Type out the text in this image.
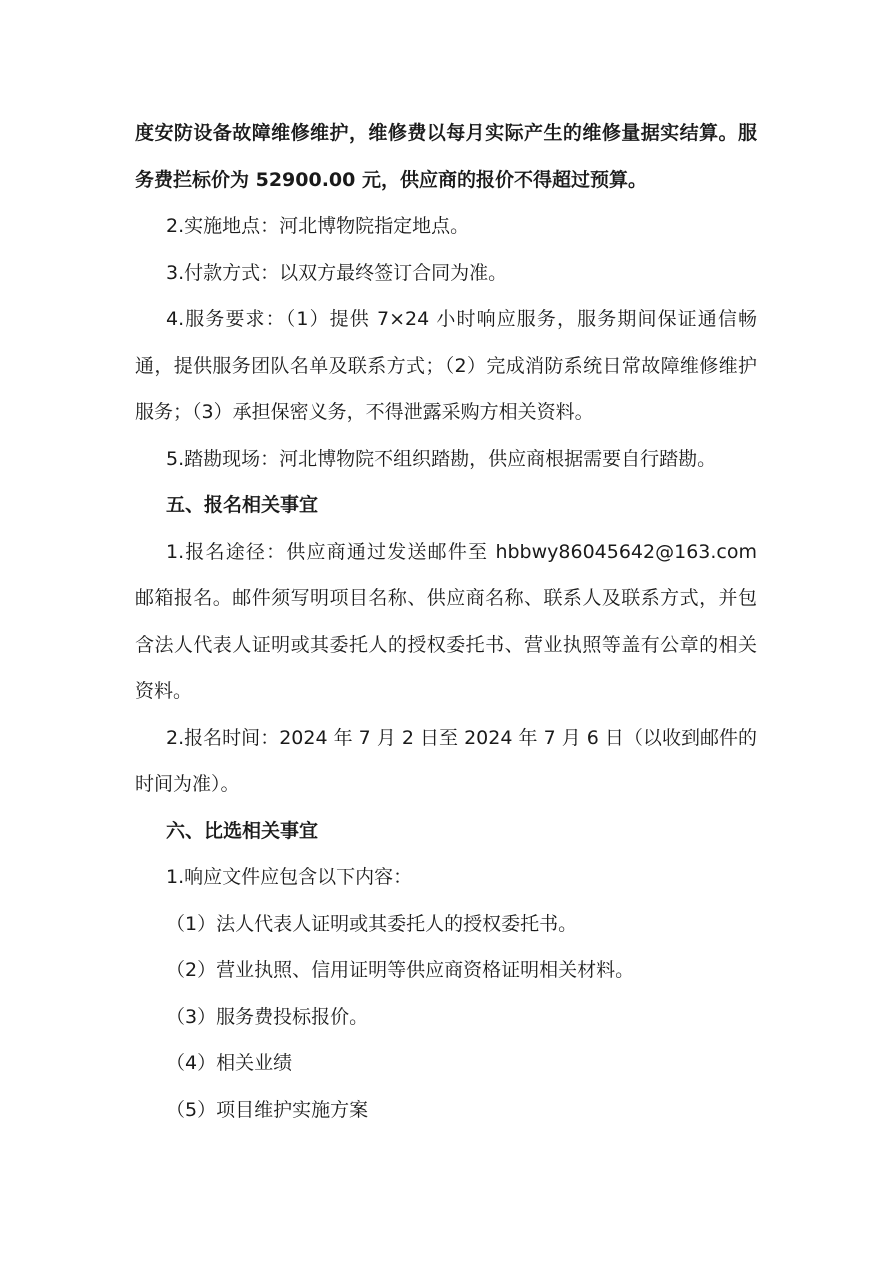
度安防设备故障维修维护，维修费以每月实际产生的维修量据实结算。服务费拦标价为 52900.00 元，供应商的报价不得超过预算。

2.实施地点：河北博物院指定地点。

3.付款方式：以双方最终签订合同为准。

4.服务要求：（1）提供 7×24 小时响应服务，服务期间保证通信畅通，提供服务团队名单及联系方式；（2）完成消防系统日常故障维修维护服务；（3）承担保密义务，不得泄露采购方相关资料。

5.踏勘现场：河北博物院不组织踏勘，供应商根据需要自行踏勘。

五、报名相关事宜

1.报名途径：供应商通过发送邮件至 hbbwy86045642@163.com 邮箱报名。邮件须写明项目名称、供应商名称、联系人及联系方式，并包含法人代表人证明或其委托人的授权委托书、营业执照等盖有公章的相关资料。

2.报名时间：2024 年 7 月 2 日至 2024 年 7 月 6 日（以收到邮件的时间为准）。

六、比选相关事宜

1.响应文件应包含以下内容：

（1）法人代表人证明或其委托人的授权委托书。

（2）营业执照、信用证明等供应商资格证明相关材料。

（3）服务费投标报价。

（4）相关业绩

（5）项目维护实施方案
